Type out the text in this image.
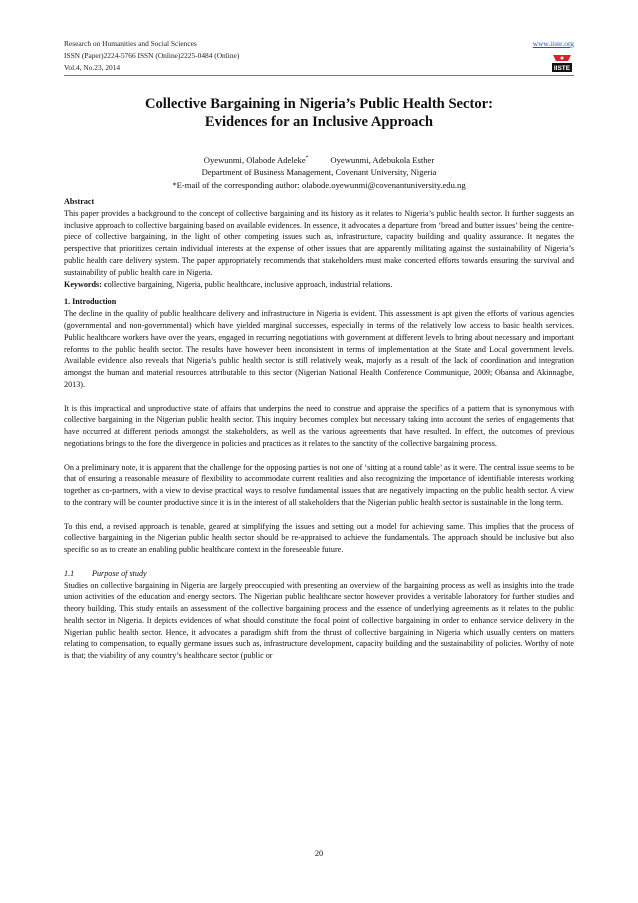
Research on Humanities and Social Sciences
ISSN (Paper)2224-5766 ISSN (Online)2225-0484 (Online)
Vol.4, No.23, 2014
www.iiste.org
IISTE
Collective Bargaining in Nigeria’s Public Health Sector:
Evidences for an Inclusive Approach
Oyewunmi, Olabode Adeleke*	Oyewunmi, Adebukola Esther
Department of Business Management, Covenant University, Nigeria
*E-mail of the corresponding author: olabode.oyewunmi@covenantuniversity.edu.ng

Abstract

This paper provides a background to the concept of collective bargaining and its history as it relates to Nigeria’s public health sector. It further suggests an inclusive approach to collective bargaining based on available evidences. In essence, it advocates a departure from ‘bread and butter issues’ being the centre-piece of collective bargaining, in the light of other competing issues such as, infrastructure, capacity building and quality assurance. It negates the perspective that prioritizes certain individual interests at the expense of other issues that are apparently militating against the sustainability of Nigeria’s public health care delivery system. The paper appropriately recommends that stakeholders must make concerted efforts towards ensuring the survival and sustainability of public health care in Nigeria.

Keywords: collective bargaining, Nigeria, public healthcare, inclusive approach, industrial relations.

1. Introduction

The decline in the quality of public healthcare delivery and infrastructure in Nigeria is evident. This assessment is apt given the efforts of various agencies (governmental and non-governmental) which have yielded marginal successes, especially in terms of the relatively low access to basic health services. Public healthcare workers have over the years, engaged in recurring negotiations with government at different levels to bring about necessary and important reforms to the public health sector. The results have however been inconsistent in terms of implementation at the State and Local government levels. Available evidence also reveals that Nigeria’s public health sector is still relatively weak, majorly as a result of the lack of coordination and integration amongst the human and material resources attributable to this sector (Nigerian National Health Conference Communique, 2009; Obansa and Akinnagbe, 2013).

It is this impractical and unproductive state of affairs that underpins the need to construe and appraise the specifics of a pattern that is synonymous with collective bargaining in the Nigerian public health sector. This inquiry becomes complex but necessary taking into account the series of engagements that have occurred at different periods amongst the stakeholders, as well as the various agreements that have resulted. In effect, the outcomes of previous negotiations brings to the fore the divergence in policies and practices as it relates to the sanctity of the collective bargaining process.

On a preliminary note, it is apparent that the challenge for the opposing parties is not one of ‘sitting at a round table’ as it were. The central issue seems to be that of ensuring a reasonable measure of flexibility to accommodate current realities and also recognizing the importance of identifiable interests working together as co-partners, with a view to devise practical ways to resolve fundamental issues that are negatively impacting on the public health sector. A view to the contrary will be counter productive since it is in the interest of all stakeholders that the Nigerian public health sector is sustainable in the long term.

To this end, a revised approach is tenable, geared at simplifying the issues and setting out a model for achieving same. This implies that the process of collective bargaining in the Nigerian public health sector should be re-appraised to achieve the fundamentals. The approach should be inclusive but also specific so as to create an enabling public healthcare context in the foreseeable future.

1.1 Purpose of study

Studies on collective bargaining in Nigeria are largely preoccupied with presenting an overview of the bargaining process as well as insights into the trade union activities of the education and energy sectors. The Nigerian public healthcare sector however provides a veritable laboratory for further studies and theory building. This study entails an assessment of the collective bargaining process and the essence of underlying agreements as it relates to the public health sector in Nigeria. It depicts evidences of what should constitute the focal point of collective bargaining in order to enhance service delivery in the Nigerian public health sector. Hence, it advocates a paradigm shift from the thrust of collective bargaining in Nigeria which usually centers on matters relating to compensation, to equally germane issues such as, infrastructure development, capacity building and the sustainability of policies. Worthy of note is that; the viability of any country’s healthcare sector (public or

20
